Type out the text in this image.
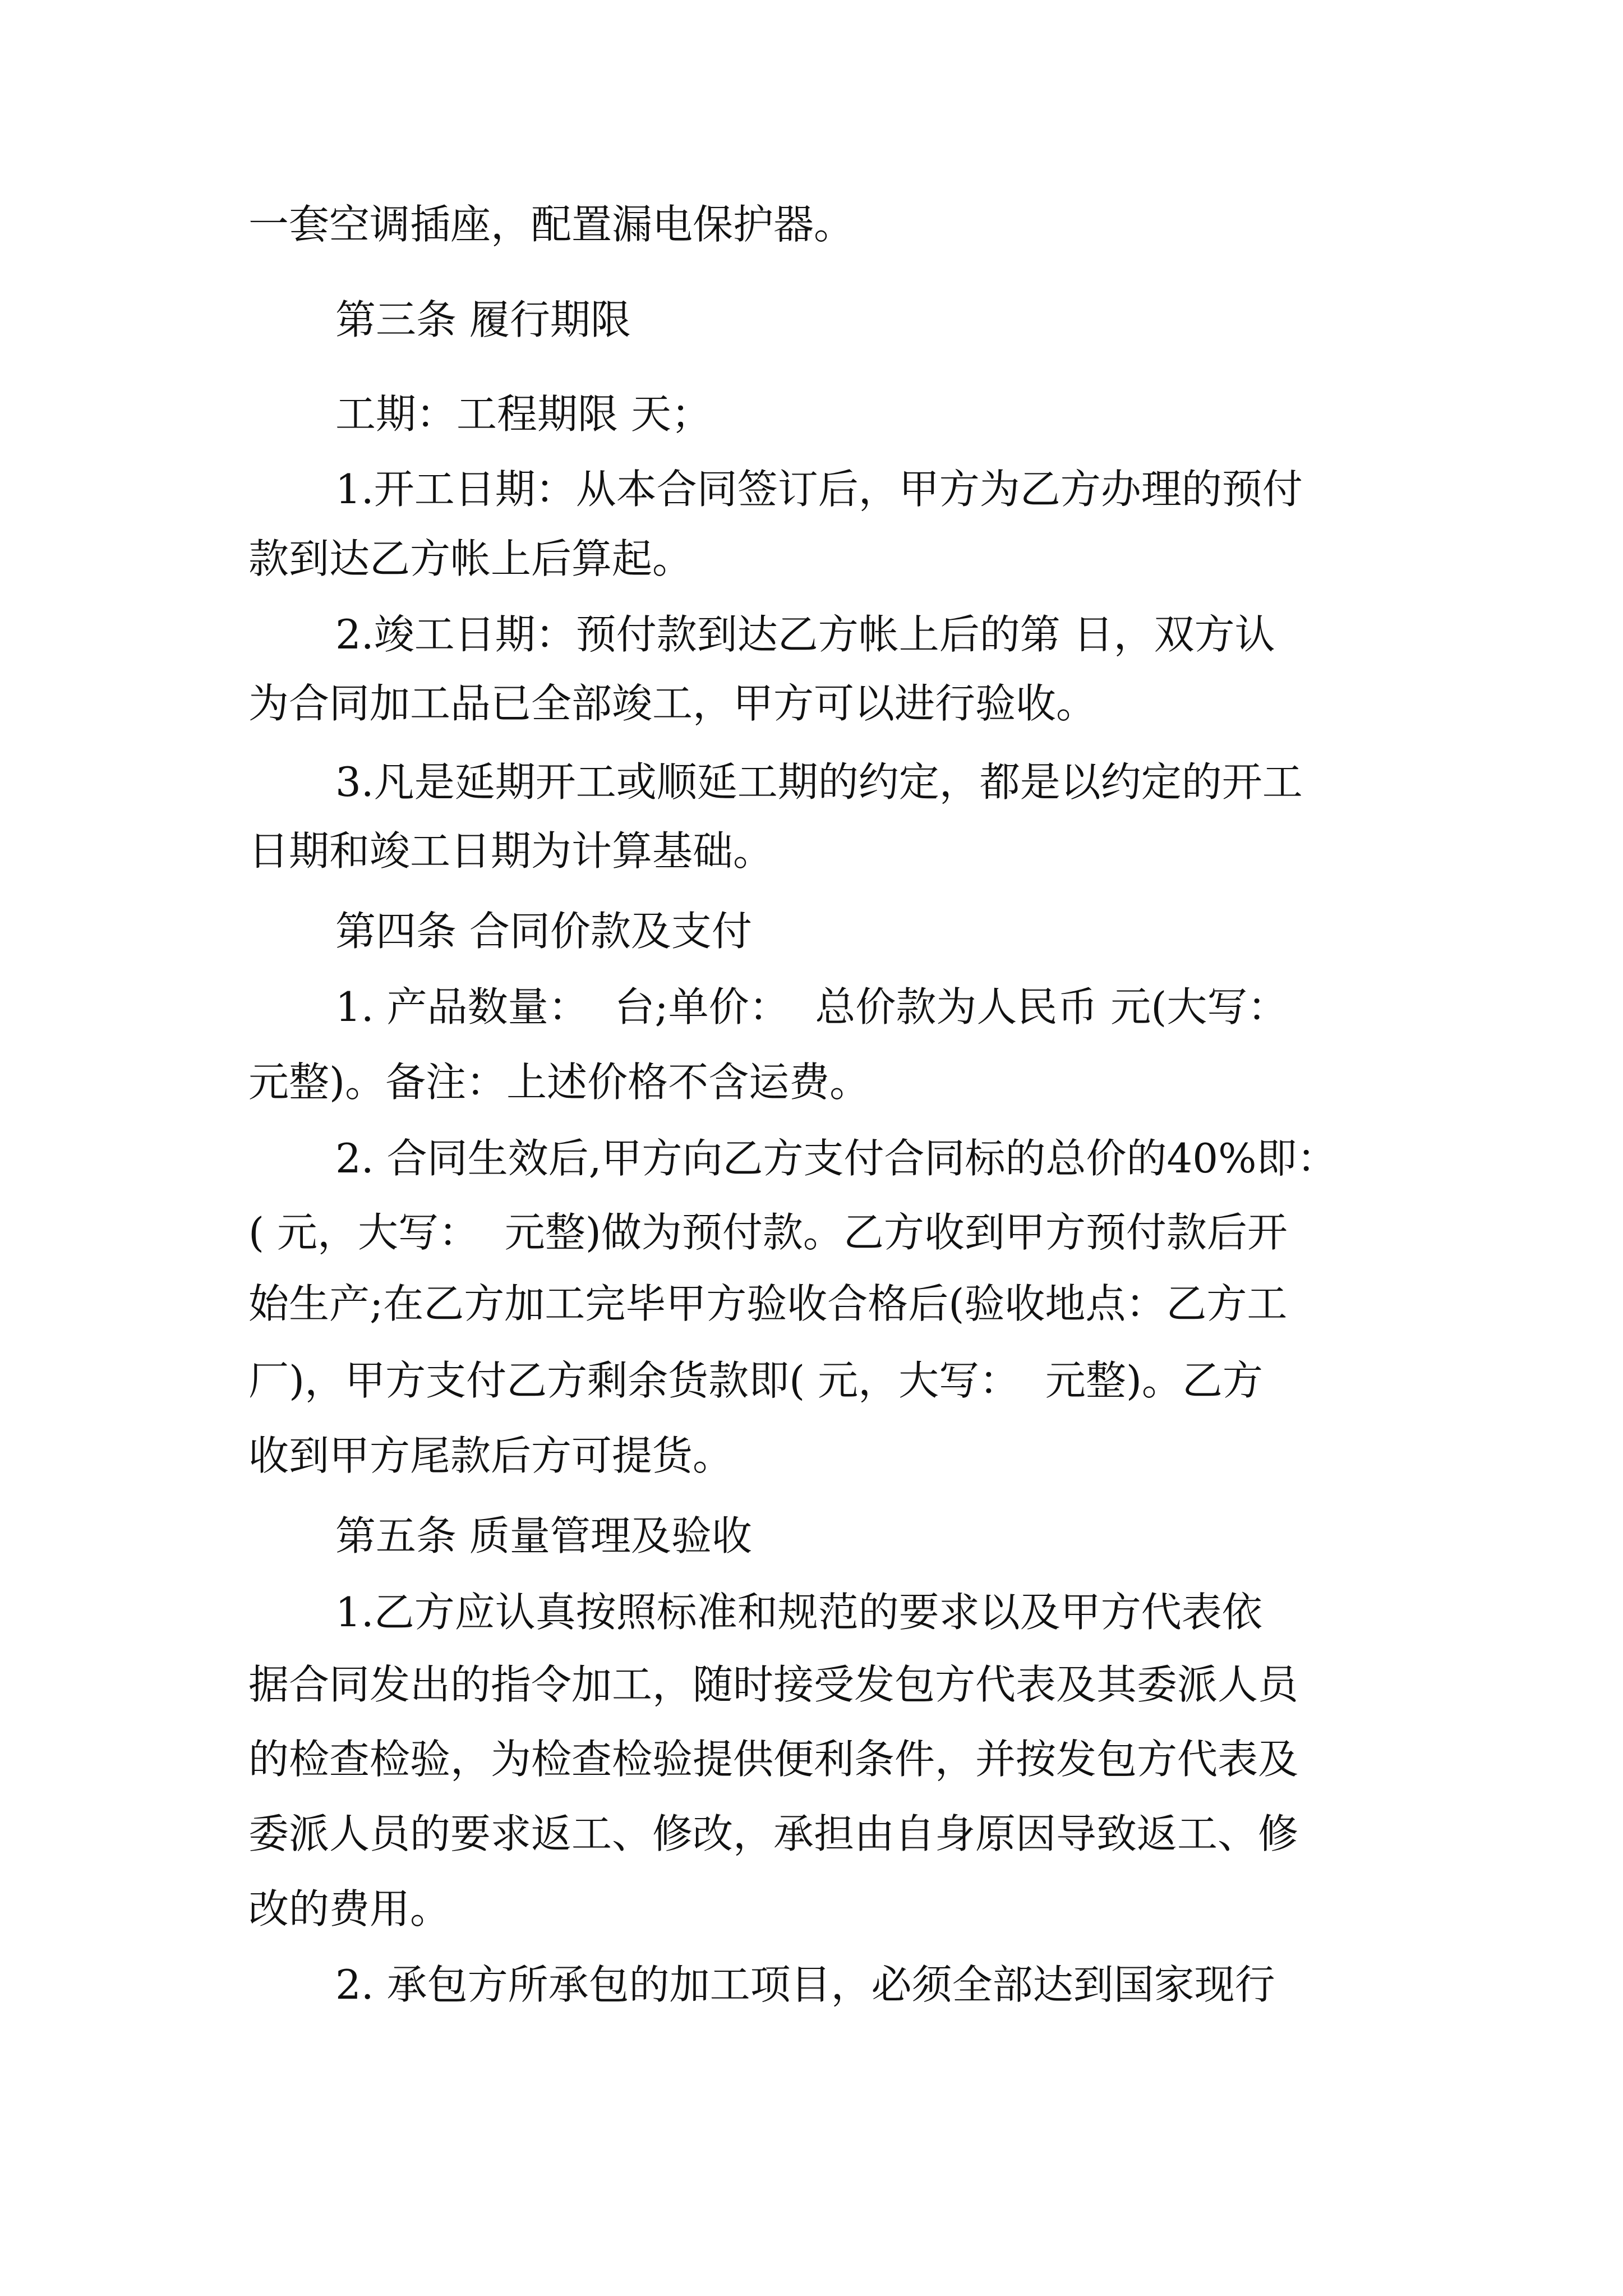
一套空调插座，配置漏电保护器。
第三条 履行期限
工期：工程期限 天；
1.开工日期：从本合同签订后，甲方为乙方办理的预付
款到达乙方帐上后算起。
2.竣工日期：预付款到达乙方帐上后的第 日，双方认
为合同加工品已全部竣工，甲方可以进行验收。
3.凡是延期开工或顺延工期的约定，都是以约定的开工
日期和竣工日期为计算基础。
第四条 合同价款及支付
1. 产品数量：  台;单价：  总价款为人民币 元(大写：
元整)。备注：上述价格不含运费。
2. 合同生效后,甲方向乙方支付合同标的总价的40%即：
( 元，大写：  元整)做为预付款。乙方收到甲方预付款后开
始生产;在乙方加工完毕甲方验收合格后(验收地点：乙方工
厂)，甲方支付乙方剩余货款即( 元，大写：  元整)。乙方
收到甲方尾款后方可提货。
第五条 质量管理及验收
1.乙方应认真按照标准和规范的要求以及甲方代表依
据合同发出的指令加工，随时接受发包方代表及其委派人员
的检查检验，为检查检验提供便利条件，并按发包方代表及
委派人员的要求返工、修改，承担由自身原因导致返工、修
改的费用。
2. 承包方所承包的加工项目，必须全部达到国家现行
